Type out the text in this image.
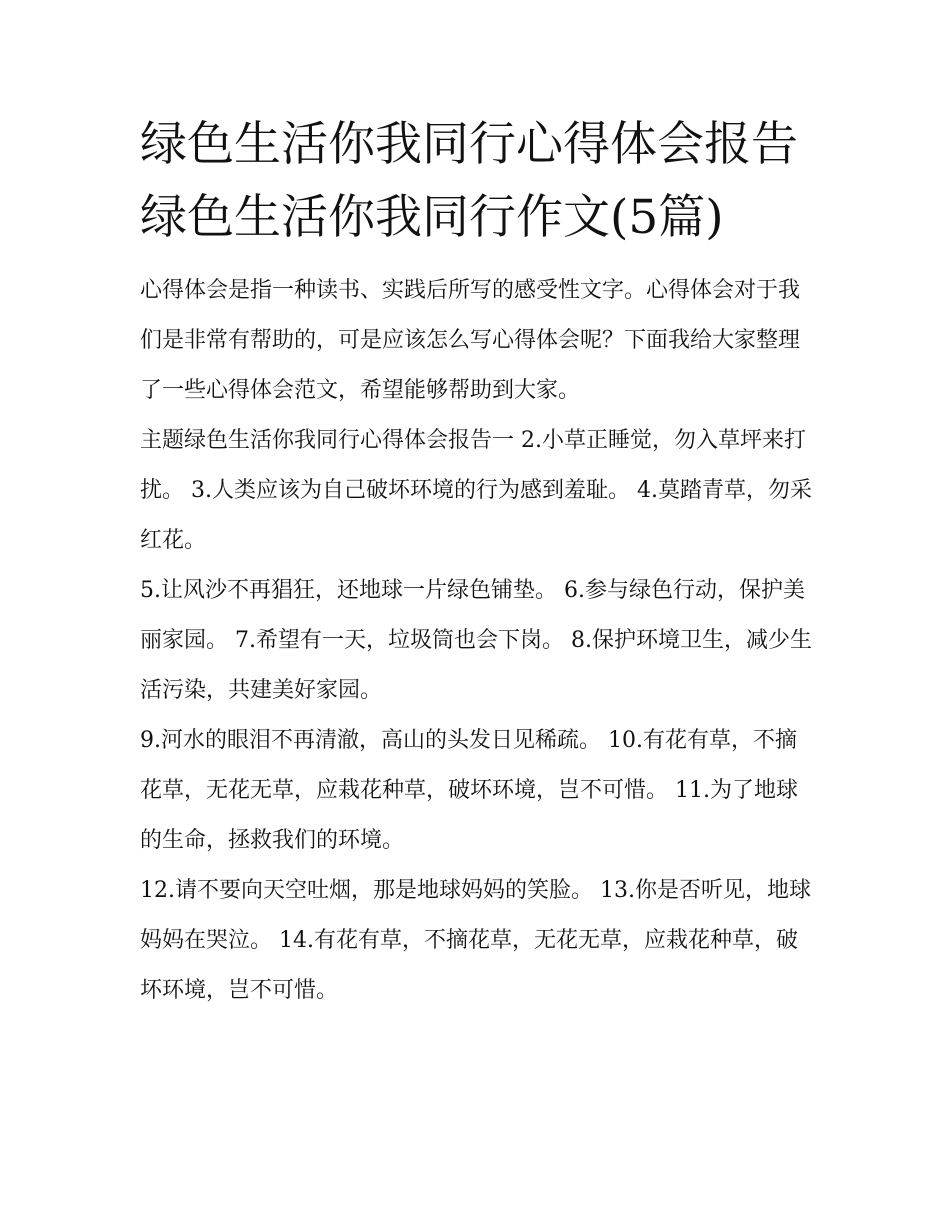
绿色生活你我同行心得体会报告 绿色生活你我同行作文(5篇)

心得体会是指一种读书、实践后所写的感受性文字。心得体会对于我们是非常有帮助的，可是应该怎么写心得体会呢？下面我给大家整理了一些心得体会范文，希望能够帮助到大家。

主题绿色生活你我同行心得体会报告一 2.小草正睡觉，勿入草坪来打扰。 3.人类应该为自己破坏环境的行为感到羞耻。 4.莫踏青草，勿采红花。

5.让风沙不再猖狂，还地球一片绿色铺垫。 6.参与绿色行动，保护美丽家园。 7.希望有一天，垃圾筒也会下岗。 8.保护环境卫生，减少生活污染，共建美好家园。

9.河水的眼泪不再清澈，高山的头发日见稀疏。 10.有花有草，不摘花草，无花无草，应栽花种草，破坏环境，岂不可惜。 11.为了地球的生命，拯救我们的环境。

12.请不要向天空吐烟，那是地球妈妈的笑脸。 13.你是否听见，地球妈妈在哭泣。 14.有花有草，不摘花草，无花无草，应栽花种草，破坏环境，岂不可惜。
